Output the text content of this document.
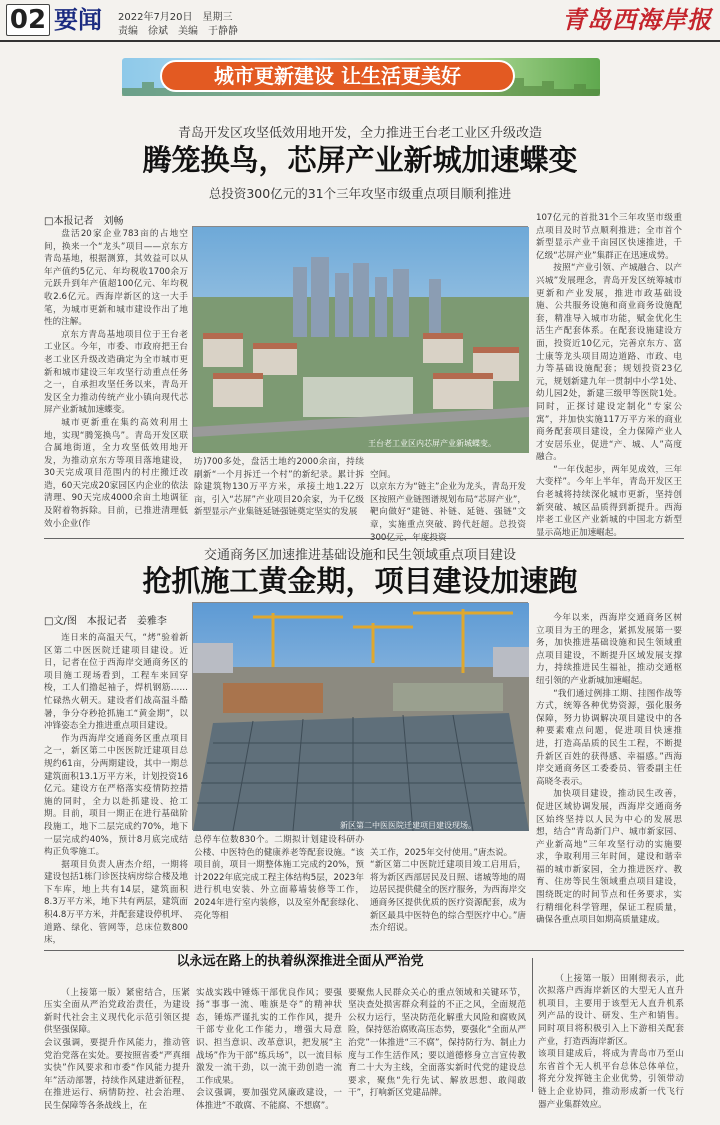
02 要闻 2022年7月20日　星期三
责编　徐斌　美编　于静静	青岛西海岸报
城市更新建设 让生活更美好
青岛开发区攻坚低效用地开发，全力推进王台老工业区升级改造
腾笼换鸟，芯屏产业新城加速蝶变
总投资300亿元的31个三年攻坚市级重点项目顺利推进
□本报记者　刘畅

盘活20家企业783亩的占地空间，换来一个“龙头”项目——京东方青岛基地，根据测算，其效益可以从年产值约5亿元、年均税收1700余万元跃升到年产值超100亿元、年均税收2.6亿元。西海岸新区的这一大手笔，为城市更新和城市建设作出了地性的注解。

京东方青岛基地项目位于王台老工业区。今年，市委、市政府把王台老工业区升级改造确定为全市城市更新和城市建设三年攻坚行动重点任务之一，自承担攻坚任务以来，青岛开发区全力推动传统产业小镇向现代芯屏产业新城加速蝶变。

城市更新重在集约高效利用土地，实现“腾笼换鸟”。青岛开发区联合属地街道，全力攻坚低效用地开发，为推动京东方等项目落地建设，30天完成项目范围内的村庄搬迁改造，60天完成20家园区内企业的依法清理、90天完成4000余亩土地调征及附着物拆除。目前，已推进清理低效小企业(作

王台老工业区内芯屏产业新城蝶变。

坊)700多处，盘活土地约2000余亩，持续刷新“一个月拆迁一个村”的新纪录。累计拆除建筑物130万平方米，承接土地1.22万亩，引入“芯屏”产业项目20余家，为千亿级新型显示产业集链延链强链奠定坚实的发展

空间。
以京东方为“链主”企业为龙头，青岛开发区按照产业链图谱规划布局“芯屏产业”，靶向做好“建链、补链、延链、强链”文章，实施重点突破、跨代赶超。总投资

107亿元的首批31个三年攻坚市级重点项目及时节点顺利推进；全市首个新型显示产业千亩园区快速推进，千亿级“芯屏产业”集群正在迅速成势。

按照“产业引领、产城融合、以产兴城”发展理念，青岛开发区统筹城市更新和产业发展，推进市政基础设施、公共服务设施和商业商务设施配套，精准导入城市功能，赋金优化生活生产配套体系。在配套设施建设方面，投资近10亿元，完善京东方、富士康等龙头项目周边道路、市政、电力等基础设施配套；规划投资23亿元，规划新建九年一贯制中小学1处、幼儿园2处，新建三级甲等医院1处。同时，正探讨建设定制化“专家公寓”，并加快实施117万平方米的商业商务配套项目建设，全力保障产业人才安居乐业，促进“产、城、人”高度融合。

“一年伐起步，两年见成效，三年大变样”。今年上半年，青岛开发区王台老城将持续深化城市更新，坚持创新突破、城区品质得到新提升。西海岸老工业区产业新城的中国北方新型显示高地正加速崛起。

交通商务区加速推进基础设施和民生领域重点项目建设
抢抓施工黄金期，项目建设加速跑
□文/图　本报记者　姜雅李

连日来的高温天气，“烤”验着新区第二中医医院迁建项目建设。近日，记者在位于西海岸交通商务区的项目施工现场看到，工程车来回穿梭，工人们撸起袖子，焊机钢筋……忙碌热火朝天。建设者们战高温斗酷暑，争分夺秒抢抓施工“黄金期”，以冲锋姿态全力推进重点项目建设。

作为西海岸交通商务区重点项目之一，新区第二中医医院迁建项目总规约61亩，分两期建设，其中一期总建筑面积13.1万平方米，计划投资16亿元。建设方在严格落实疫情防控措施的同时，全力以赴抓建设、抢工期。目前，项目一期正在进行基础阶段施工，地下二层完成约70%，地下一层完成约40%，预计8月底完成结构正负零施工。

据项目负责人唐杰介绍，一期将建设包括1栋门诊医技病房综合楼及地下车库，地上共有14层，建筑面积8.3万平方米，地下共有两层，建筑面积4.8万平方米，并配套建设停机坪、道路、绿化、管网等，总床位数800床，

新区第二中医医院迁建项目建设现场。

总停车位数830个。二期拟计划建设科研办公楼、中医特色的健康养老等配套设施。“该项目前，项目一期整体施工完成约20%，预计2022年底完成工程主体结构5层，2023年进行机电安装、外立面幕墙装修等工作，2024年进行室内装修，以及室外配套绿化、亮化等相

关工作，2025年交付使用。”唐杰说。
“新区第二中医院迁建项目竣工启用后，将为新区西部居民及日照、诸城等地的周边居民提供健全的医疗服务，为西海岸交通商务区提供优质的医疗资源配套，成为新区最具中医特色的综合型医疗中心。”唐杰介绍说。

今年以来，西海岸交通商务区树立项目为王的理念，紧抓发展第一要务，加快推进基础设施和民生领域重点项目建设，不断提升区域发展支撑力，持续推进民生福祉，推动交通枢纽引领的产业新城加速崛起。

“我们通过例排工期、挂图作战等方式，统筹各种优势资源，强化服务保障，努力协调解决项目建设中的各种要素难点问题，促进项目快速推进，打造高品质的民生工程，不断提升新区百姓的获得感、幸福感。”西海岸交通商务区工委委员、管委副主任高晓冬表示。

加快项目建设，推动民生改善，促进区域协调发展，西海岸交通商务区始终坚持以人民为中心的发展思想，结合“青岛新门户、城市新家园、产业新高地”三年攻坚行动的实施要求，争取利用三年时间，建设和谐幸福的城市新家园，全力推进医疗、教育、住房等民生领域重点项目建设，围绕既定的时间节点和任务要求，实行精细化科学管理，保证工程质量，确保各重点项目如期高质量建成。

以永远在路上的执着纵深推进全面从严治党

（上接第一版）紧密结合，压紧压实全面从严治党政治责任，为建设新时代社会主义现代化示范引领区提供坚强保障。
会议强调，要提升作风能力，推动管党治党落在实处。要按照省委“严真细实快”作风要求和市委“作风能力提升年”活动部署，持续作风建进新征程，在推进运行、病情防控、社会治理、民生保障等各条战线上，在

实战实践中锤炼干部优良作风；要强扬“事事一流、唯旗是夺”的精神状态，锤炼严谨扎实的工作作风，提升干部专业化工作能力，增强大局意识、担当意识、改革意识，把发展“主战场”作为干部“练兵场”，以一流目标激发一流干劲，以一流干劲创造一流工作成果。
会议强调，要加强党风廉政建设，一体推进“不敢腐、不能腐、不想腐”。

要聚焦人民群众关心的重点领域和关键环节，坚决查处损害群众利益的不正之风，全面规范公权力运行，坚决防范化解重大风险和腐败风险，保持惩治腐败高压态势，要强化“全面从严治党”一体推进“三不腐”，保持防行为、制止力度与工作生活作风；要以道德修身立言宣传教育二十大为主线，全面落实新时代党的建设总要求，聚焦“先行先试、解放思想、敢闯敢干”，打响新区党建品牌。

（上接第一版）田刚彻表示，此次拟落户西海岸新区的大型无人直升机项目，主要用于该型无人直升机系列产品的设计、研发、生产和销售。同时项目将积极引入上下游相关配套产业，打造西海岸新区。
该项目建成后，将成为青岛市乃至山东省首个无人机平台总体总体单位，将充分发挥链主企业优势，引领带动链上企业协同，推动形成新一代飞行器产业集群效应。
